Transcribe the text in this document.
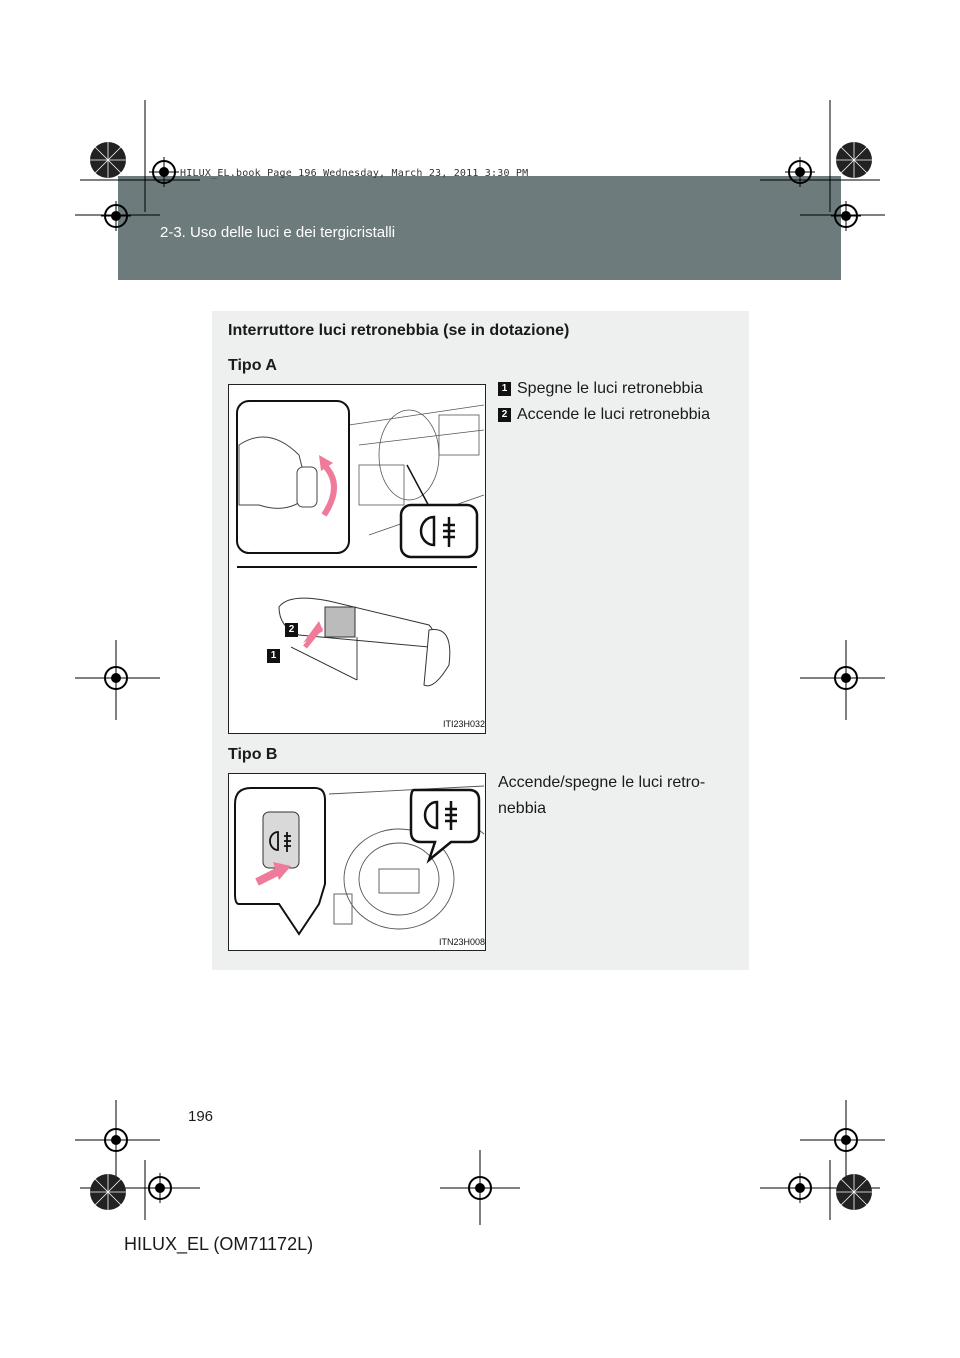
2-3. Uso delle luci e dei tergicristalli
HILUX_EL.book Page 196 Wednesday, March 23, 2011 3:30 PM
Interruttore luci retronebbia (se in dotazione)
Tipo A
2
1
ITI23H032
1 Spegne le luci retronebbia
2 Accende le luci retronebbia
Tipo B
ITN23H008
Accende/spegne le luci retro-
nebbia
196
HILUX_EL (OM71172L)
